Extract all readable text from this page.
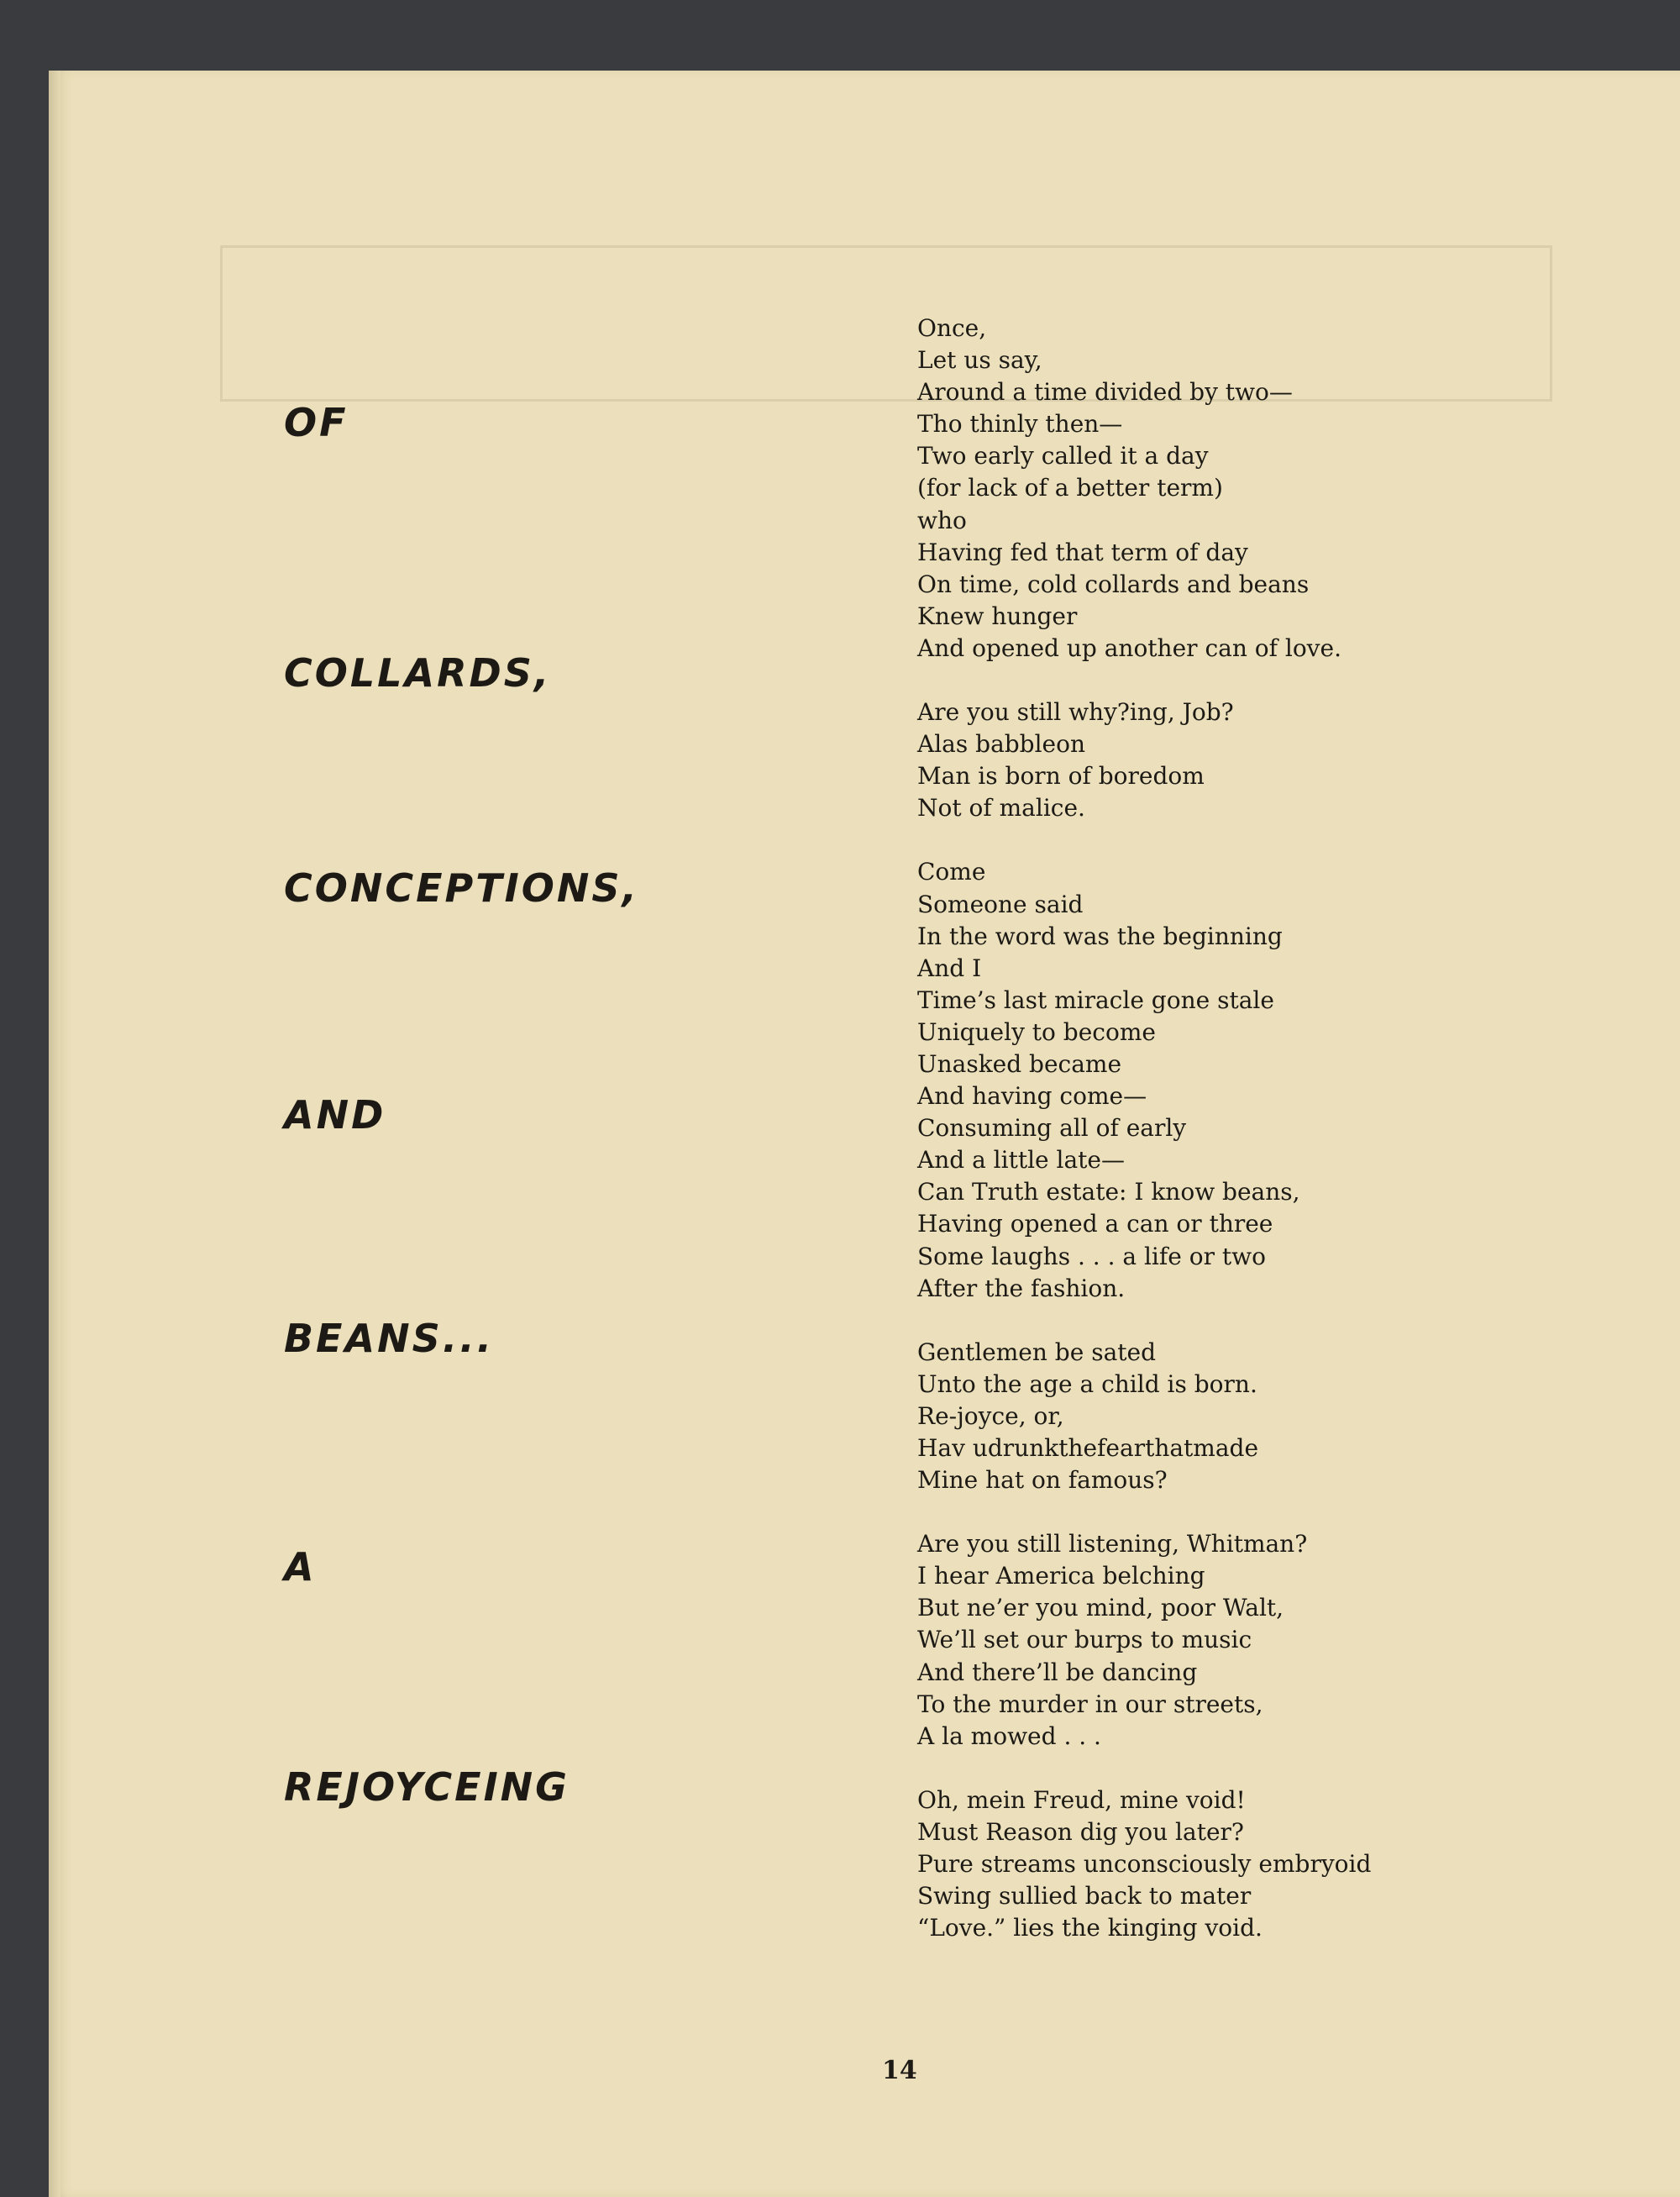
OF
COLLARDS,
CONCEPTIONS,
AND
BEANS...
A
REJOYCEING
Once,
Let us say,
Around a time divided by two—
Tho thinly then—
Two early called it a day
(for lack of a better term)
who
Having fed that term of day
On time, cold collards and beans
Knew hunger
And opened up another can of love.
Are you still why?ing, Job?
Alas babbleon
Man is born of boredom
Not of malice.
Come
Someone said
In the word was the beginning
And I
Time’s last miracle gone stale
Uniquely to become
Unasked became
And having come—
Consuming all of early
And a little late—
Can Truth estate: I know beans,
Having opened a can or three
Some laughs . . . a life or two
After the fashion.
Gentlemen be sated
Unto the age a child is born.
Re-joyce, or,
Hav udrunkthefearthatmade
Mine hat on famous?
Are you still listening, Whitman?
I hear America belching
But ne’er you mind, poor Walt,
We’ll set our burps to music
And there’ll be dancing
To the murder in our streets,
A la mowed . . .
Oh, mein Freud, mine void!
Must Reason dig you later?
Pure streams unconsciously embryoid
Swing sullied back to mater
“Love.” lies the kinging void.
14
